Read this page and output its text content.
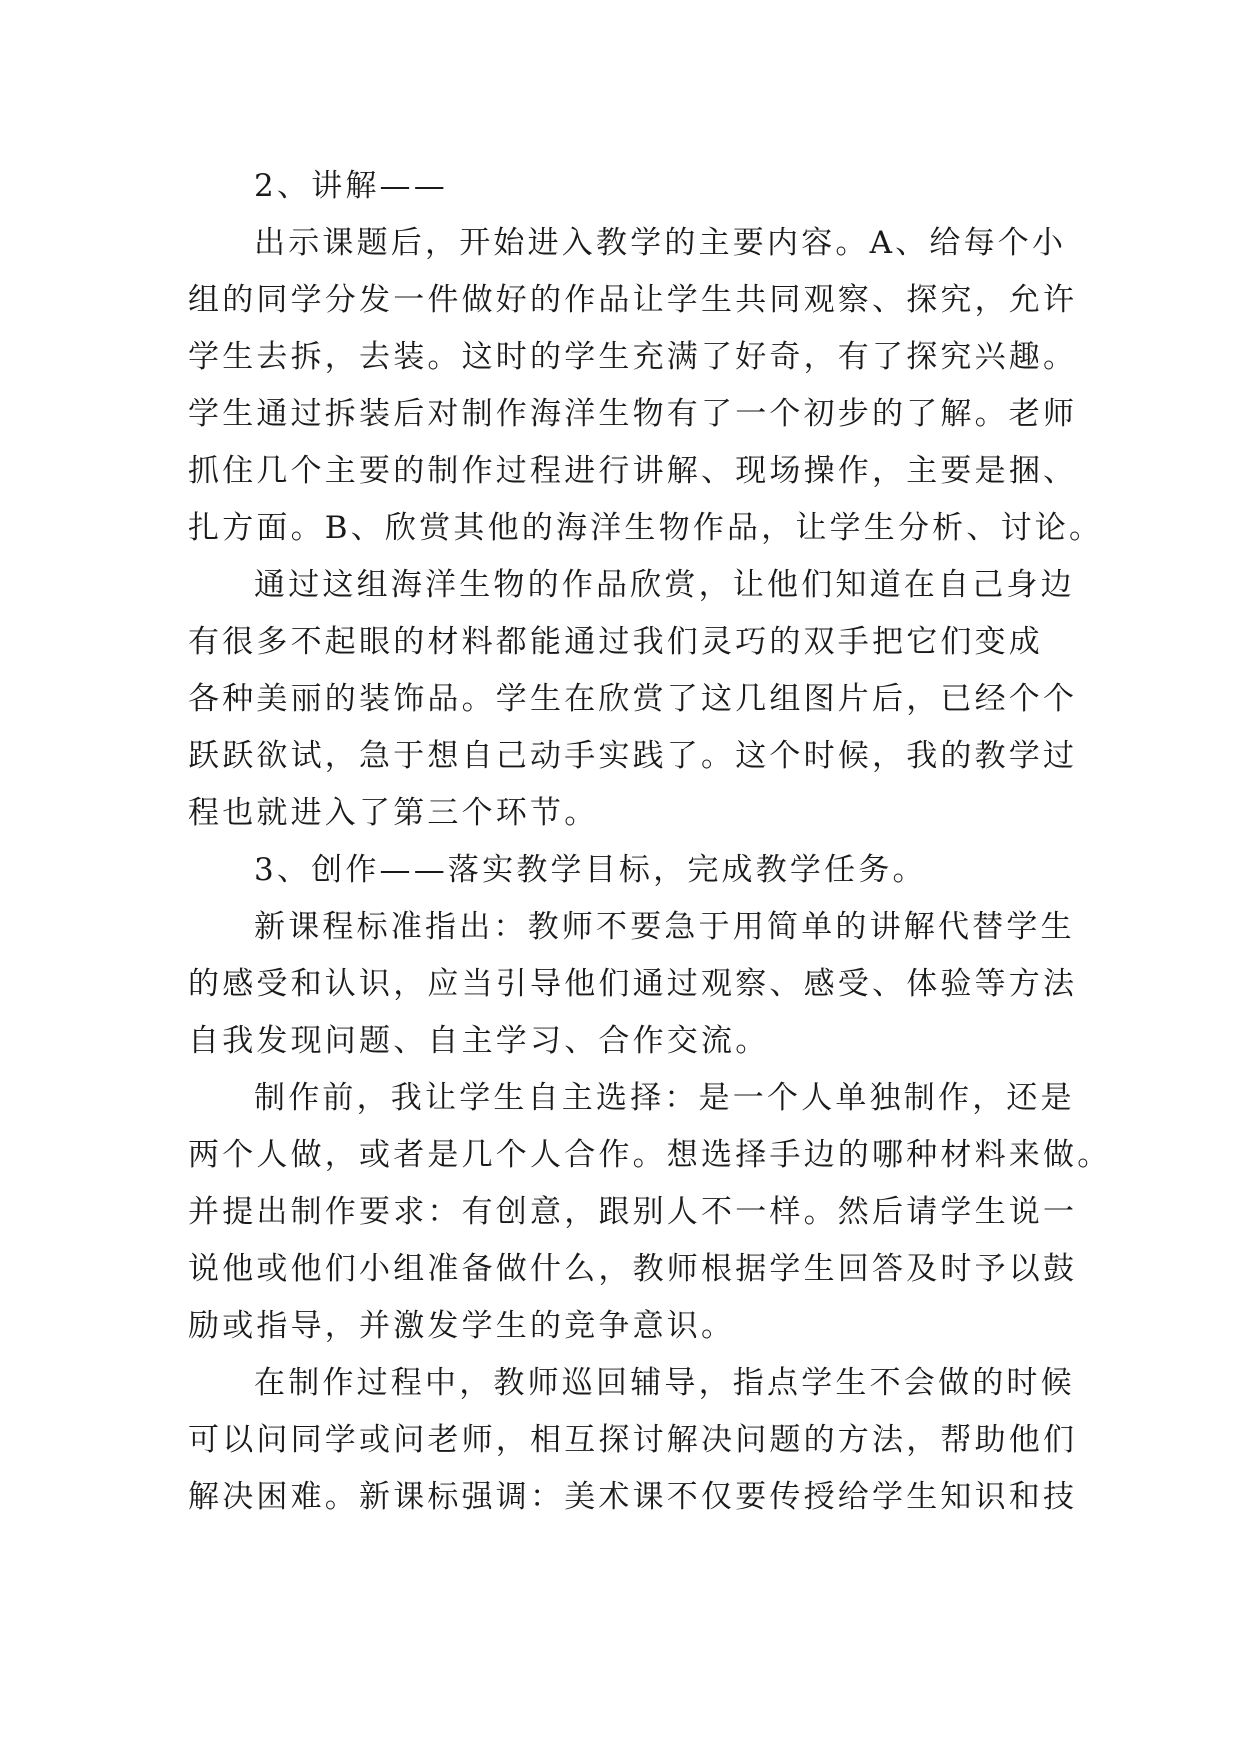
2、讲解——
出示课题后，开始进入教学的主要内容。A、给每个小
组的同学分发一件做好的作品让学生共同观察、探究，允许
学生去拆，去装。这时的学生充满了好奇，有了探究兴趣。
学生通过拆装后对制作海洋生物有了一个初步的了解。老师
抓住几个主要的制作过程进行讲解、现场操作，主要是捆、
扎方面。B、欣赏其他的海洋生物作品，让学生分析、讨论。
通过这组海洋生物的作品欣赏，让他们知道在自己身边
有很多不起眼的材料都能通过我们灵巧的双手把它们变成
各种美丽的装饰品。学生在欣赏了这几组图片后，已经个个
跃跃欲试，急于想自己动手实践了。这个时候，我的教学过
程也就进入了第三个环节。
3、创作——落实教学目标，完成教学任务。
新课程标准指出：教师不要急于用简单的讲解代替学生
的感受和认识，应当引导他们通过观察、感受、体验等方法
自我发现问题、自主学习、合作交流。
制作前，我让学生自主选择：是一个人单独制作，还是
两个人做，或者是几个人合作。想选择手边的哪种材料来做。
并提出制作要求：有创意，跟别人不一样。然后请学生说一
说他或他们小组准备做什么，教师根据学生回答及时予以鼓
励或指导，并激发学生的竞争意识。
在制作过程中，教师巡回辅导，指点学生不会做的时候
可以问同学或问老师，相互探讨解决问题的方法，帮助他们
解决困难。新课标强调：美术课不仅要传授给学生知识和技
